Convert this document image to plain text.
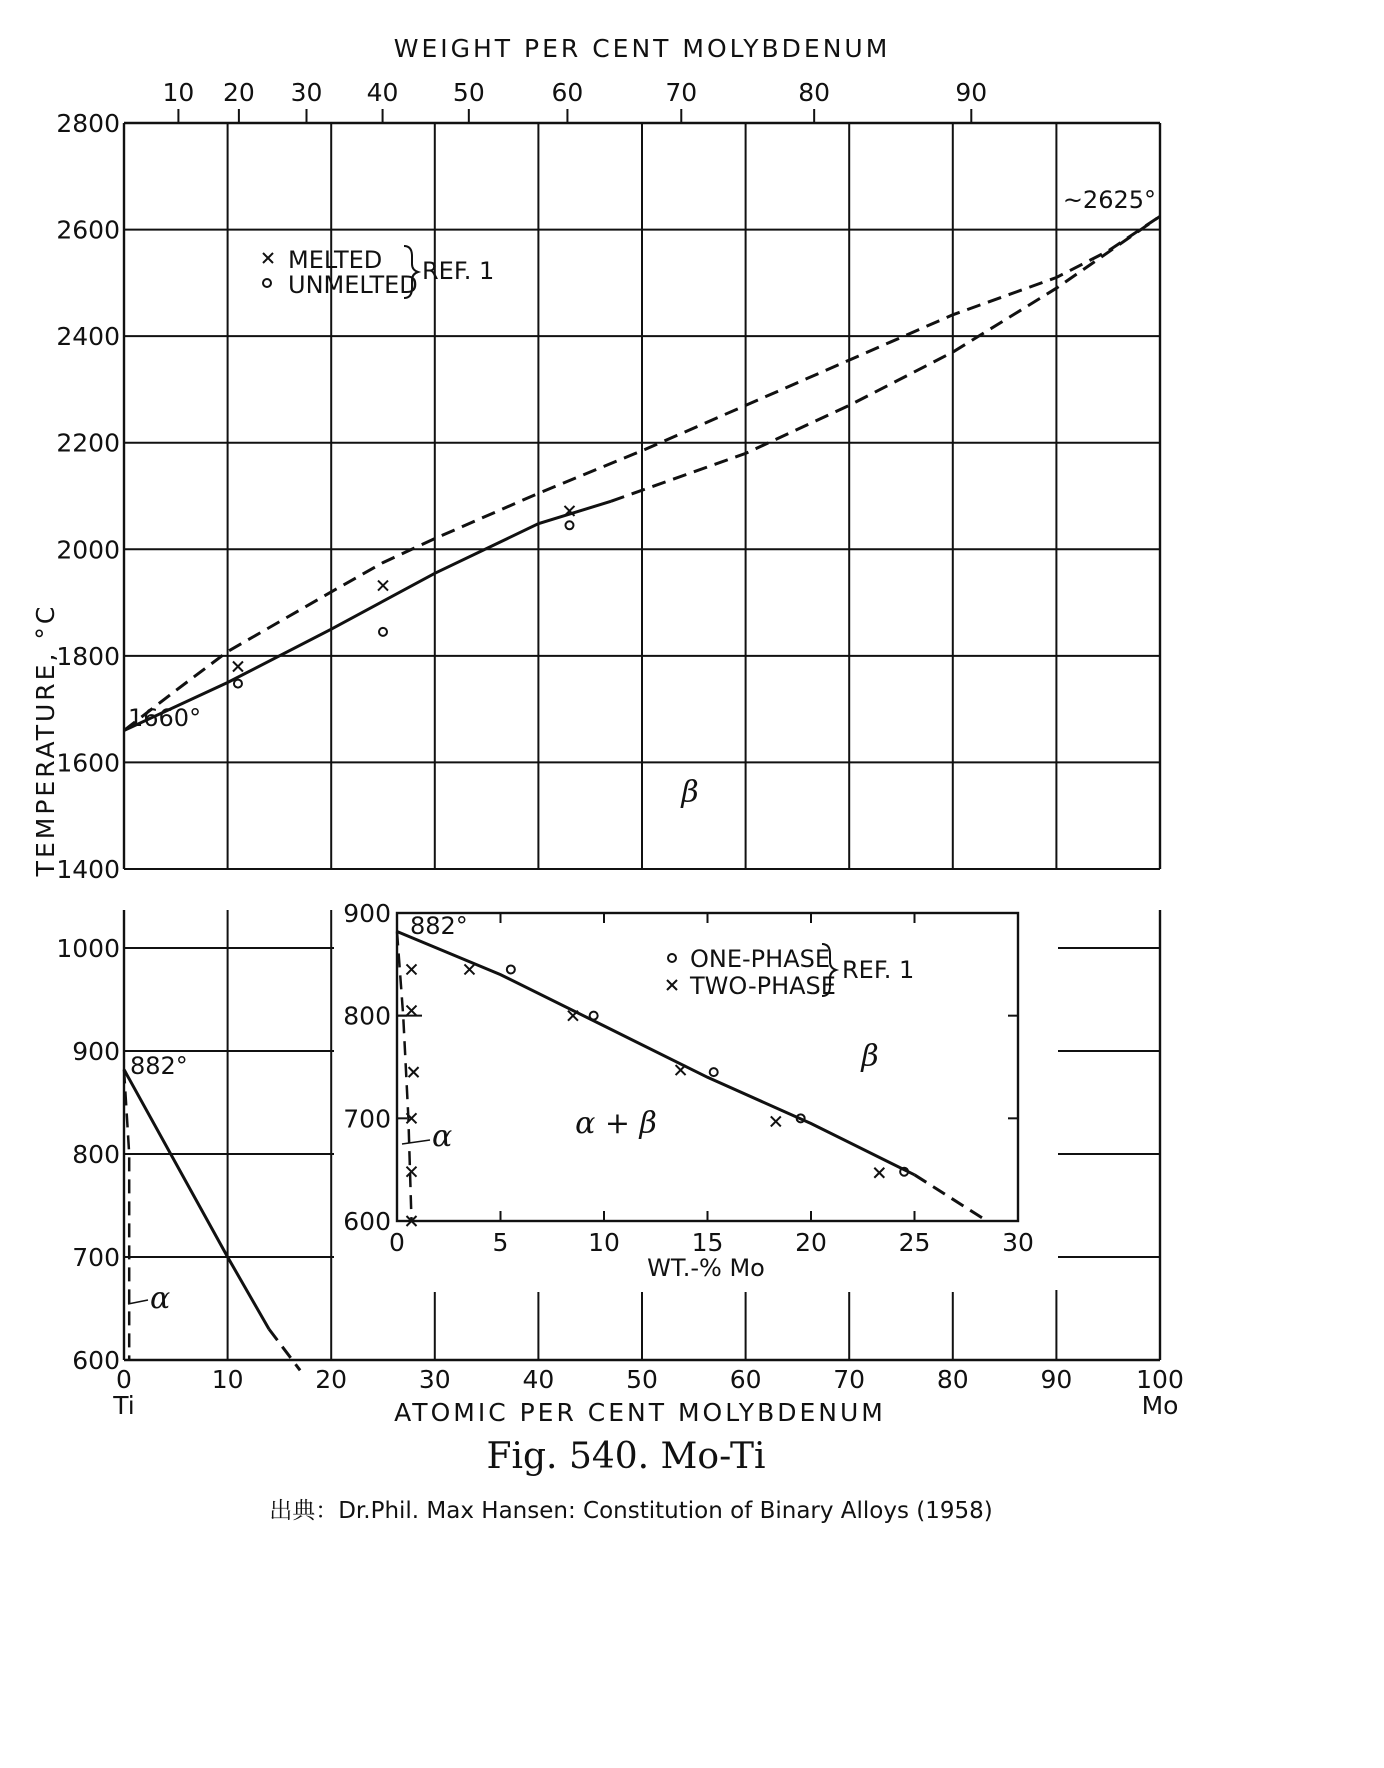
1400
1600
1800
2000
2200
2400
2600
2800
10 20 30 40 50	60	70	80	90
WEIGHT PER CENT MOLYBDENUM
600
700
800
900
1000
0	10	20	30	40	50	60	70	80	90	100
Ti	Mo
ATOMIC PER CENT MOLYBDENUM
TEMPERATURE, °C
MELTED
UNMELTED REF. 1
~2625°
1660°
β
882°
α
600
700
800
900
0	5	10	15	20	25	30
WT.-% Mo
ONE-PHASE
TWO-PHASE
REF. 1
882°
α	α + β
β
Fig. 540. Mo-Ti
出典：Dr.Phil. Max Hansen: Constitution of Binary Alloys (1958)
